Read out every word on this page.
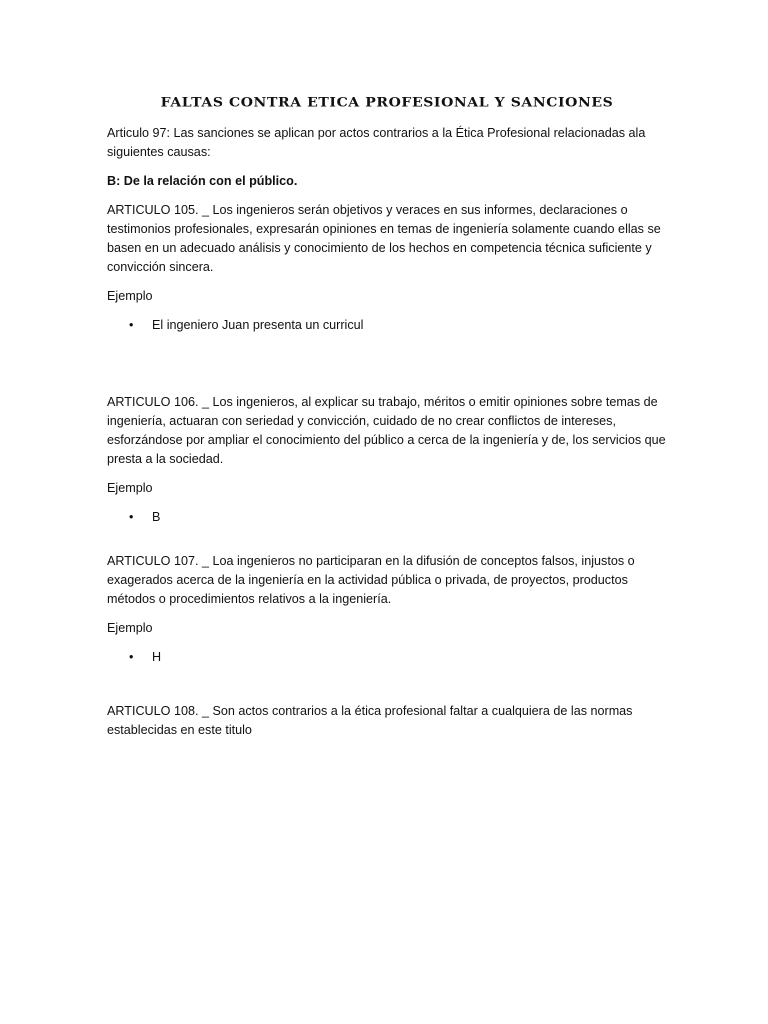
FALTAS CONTRA ETICA PROFESIONAL Y SANCIONES

Articulo 97: Las sanciones se aplican por actos contrarios a la Ética Profesional relacionadas ala siguientes causas:

B: De la relación con el público.

ARTICULO 105. _ Los ingenieros serán objetivos y veraces en sus informes, declaraciones o testimonios profesionales, expresarán opiniones en temas de ingeniería solamente cuando ellas se basen en un adecuado análisis y conocimiento de los hechos en competencia técnica suficiente y convicción sincera.

Ejemplo

• El ingeniero Juan presenta un curricul

ARTICULO 106. _ Los ingenieros, al explicar su trabajo, méritos o emitir opiniones sobre temas de ingeniería, actuaran con seriedad y convicción, cuidado de no crear conflictos de intereses, esforzándose por ampliar el conocimiento del público a cerca de la ingeniería y de, los servicios que presta a la sociedad.

Ejemplo

• B

ARTICULO 107. _ Loa ingenieros no participaran en la difusión de conceptos falsos, injustos o exagerados acerca de la ingeniería en la actividad pública o privada, de proyectos, productos métodos o procedimientos relativos a la ingeniería.

Ejemplo

• H

ARTICULO 108. _ Son actos contrarios a la ética profesional faltar a cualquiera de las normas establecidas en este titulo
